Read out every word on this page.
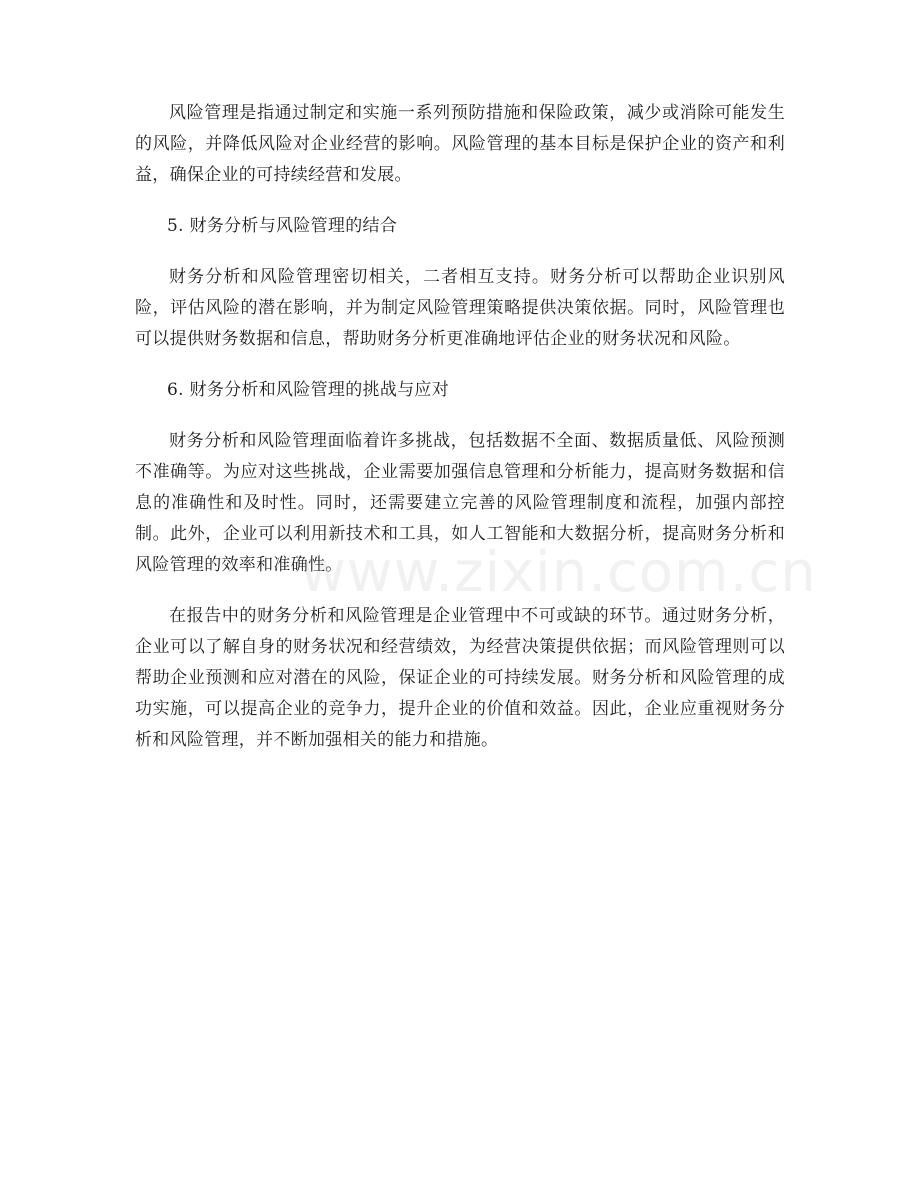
风险管理是指通过制定和实施一系列预防措施和保险政策，减少或消除可能发生的风险，并降低风险对企业经营的影响。风险管理的基本目标是保护企业的资产和利益，确保企业的可持续经营和发展。

5. 财务分析与风险管理的结合

财务分析和风险管理密切相关，二者相互支持。财务分析可以帮助企业识别风险，评估风险的潜在影响，并为制定风险管理策略提供决策依据。同时，风险管理也可以提供财务数据和信息，帮助财务分析更准确地评估企业的财务状况和风险。

6. 财务分析和风险管理的挑战与应对

财务分析和风险管理面临着许多挑战，包括数据不全面、数据质量低、风险预测不准确等。为应对这些挑战，企业需要加强信息管理和分析能力，提高财务数据和信息的准确性和及时性。同时，还需要建立完善的风险管理制度和流程，加强内部控制。此外，企业可以利用新技术和工具，如人工智能和大数据分析，提高财务分析和风险管理的效率和准确性。

在报告中的财务分析和风险管理是企业管理中不可或缺的环节。通过财务分析，企业可以了解自身的财务状况和经营绩效，为经营决策提供依据；而风险管理则可以帮助企业预测和应对潜在的风险，保证企业的可持续发展。财务分析和风险管理的成功实施，可以提高企业的竞争力，提升企业的价值和效益。因此，企业应重视财务分析和风险管理，并不断加强相关的能力和措施。

www.zixin.com.cn
